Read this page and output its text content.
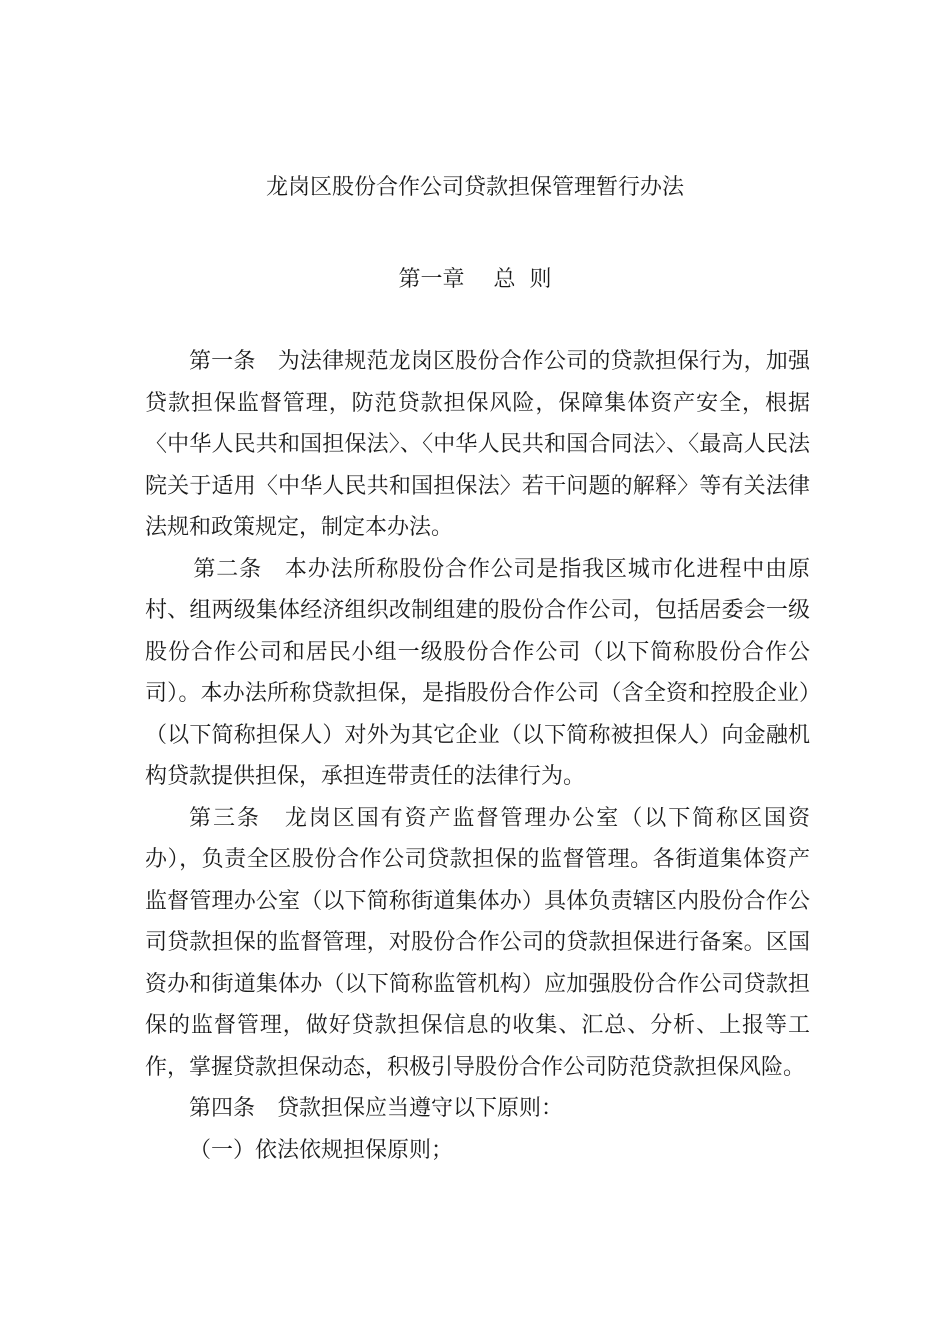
龙岗区股份合作公司贷款担保管理暂行办法
第一章　 总  则

第一条　为法律规范龙岗区股份合作公司的贷款担保行为，加强贷款担保监督管理，防范贷款担保风险，保障集体资产安全，根据〈中华人民共和国担保法〉、〈中华人民共和国合同法〉、〈最高人民法院关于适用〈中华人民共和国担保法〉若干问题的解释〉等有关法律法规和政策规定，制定本办法。

第二条　本办法所称股份合作公司是指我区城市化进程中由原村、组两级集体经济组织改制组建的股份合作公司，包括居委会一级股份合作公司和居民小组一级股份合作公司（以下简称股份合作公司）。本办法所称贷款担保，是指股份合作公司（含全资和控股企业）（以下简称担保人）对外为其它企业（以下简称被担保人）向金融机构贷款提供担保，承担连带责任的法律行为。

第三条　龙岗区国有资产监督管理办公室（以下简称区国资办），负责全区股份合作公司贷款担保的监督管理。各街道集体资产监督管理办公室（以下简称街道集体办）具体负责辖区内股份合作公司贷款担保的监督管理，对股份合作公司的贷款担保进行备案。区国资办和街道集体办（以下简称监管机构）应加强股份合作公司贷款担保的监督管理，做好贷款担保信息的收集、汇总、分析、上报等工作，掌握贷款担保动态，积极引导股份合作公司防范贷款担保风险。

第四条　贷款担保应当遵守以下原则：

（一）依法依规担保原则；
